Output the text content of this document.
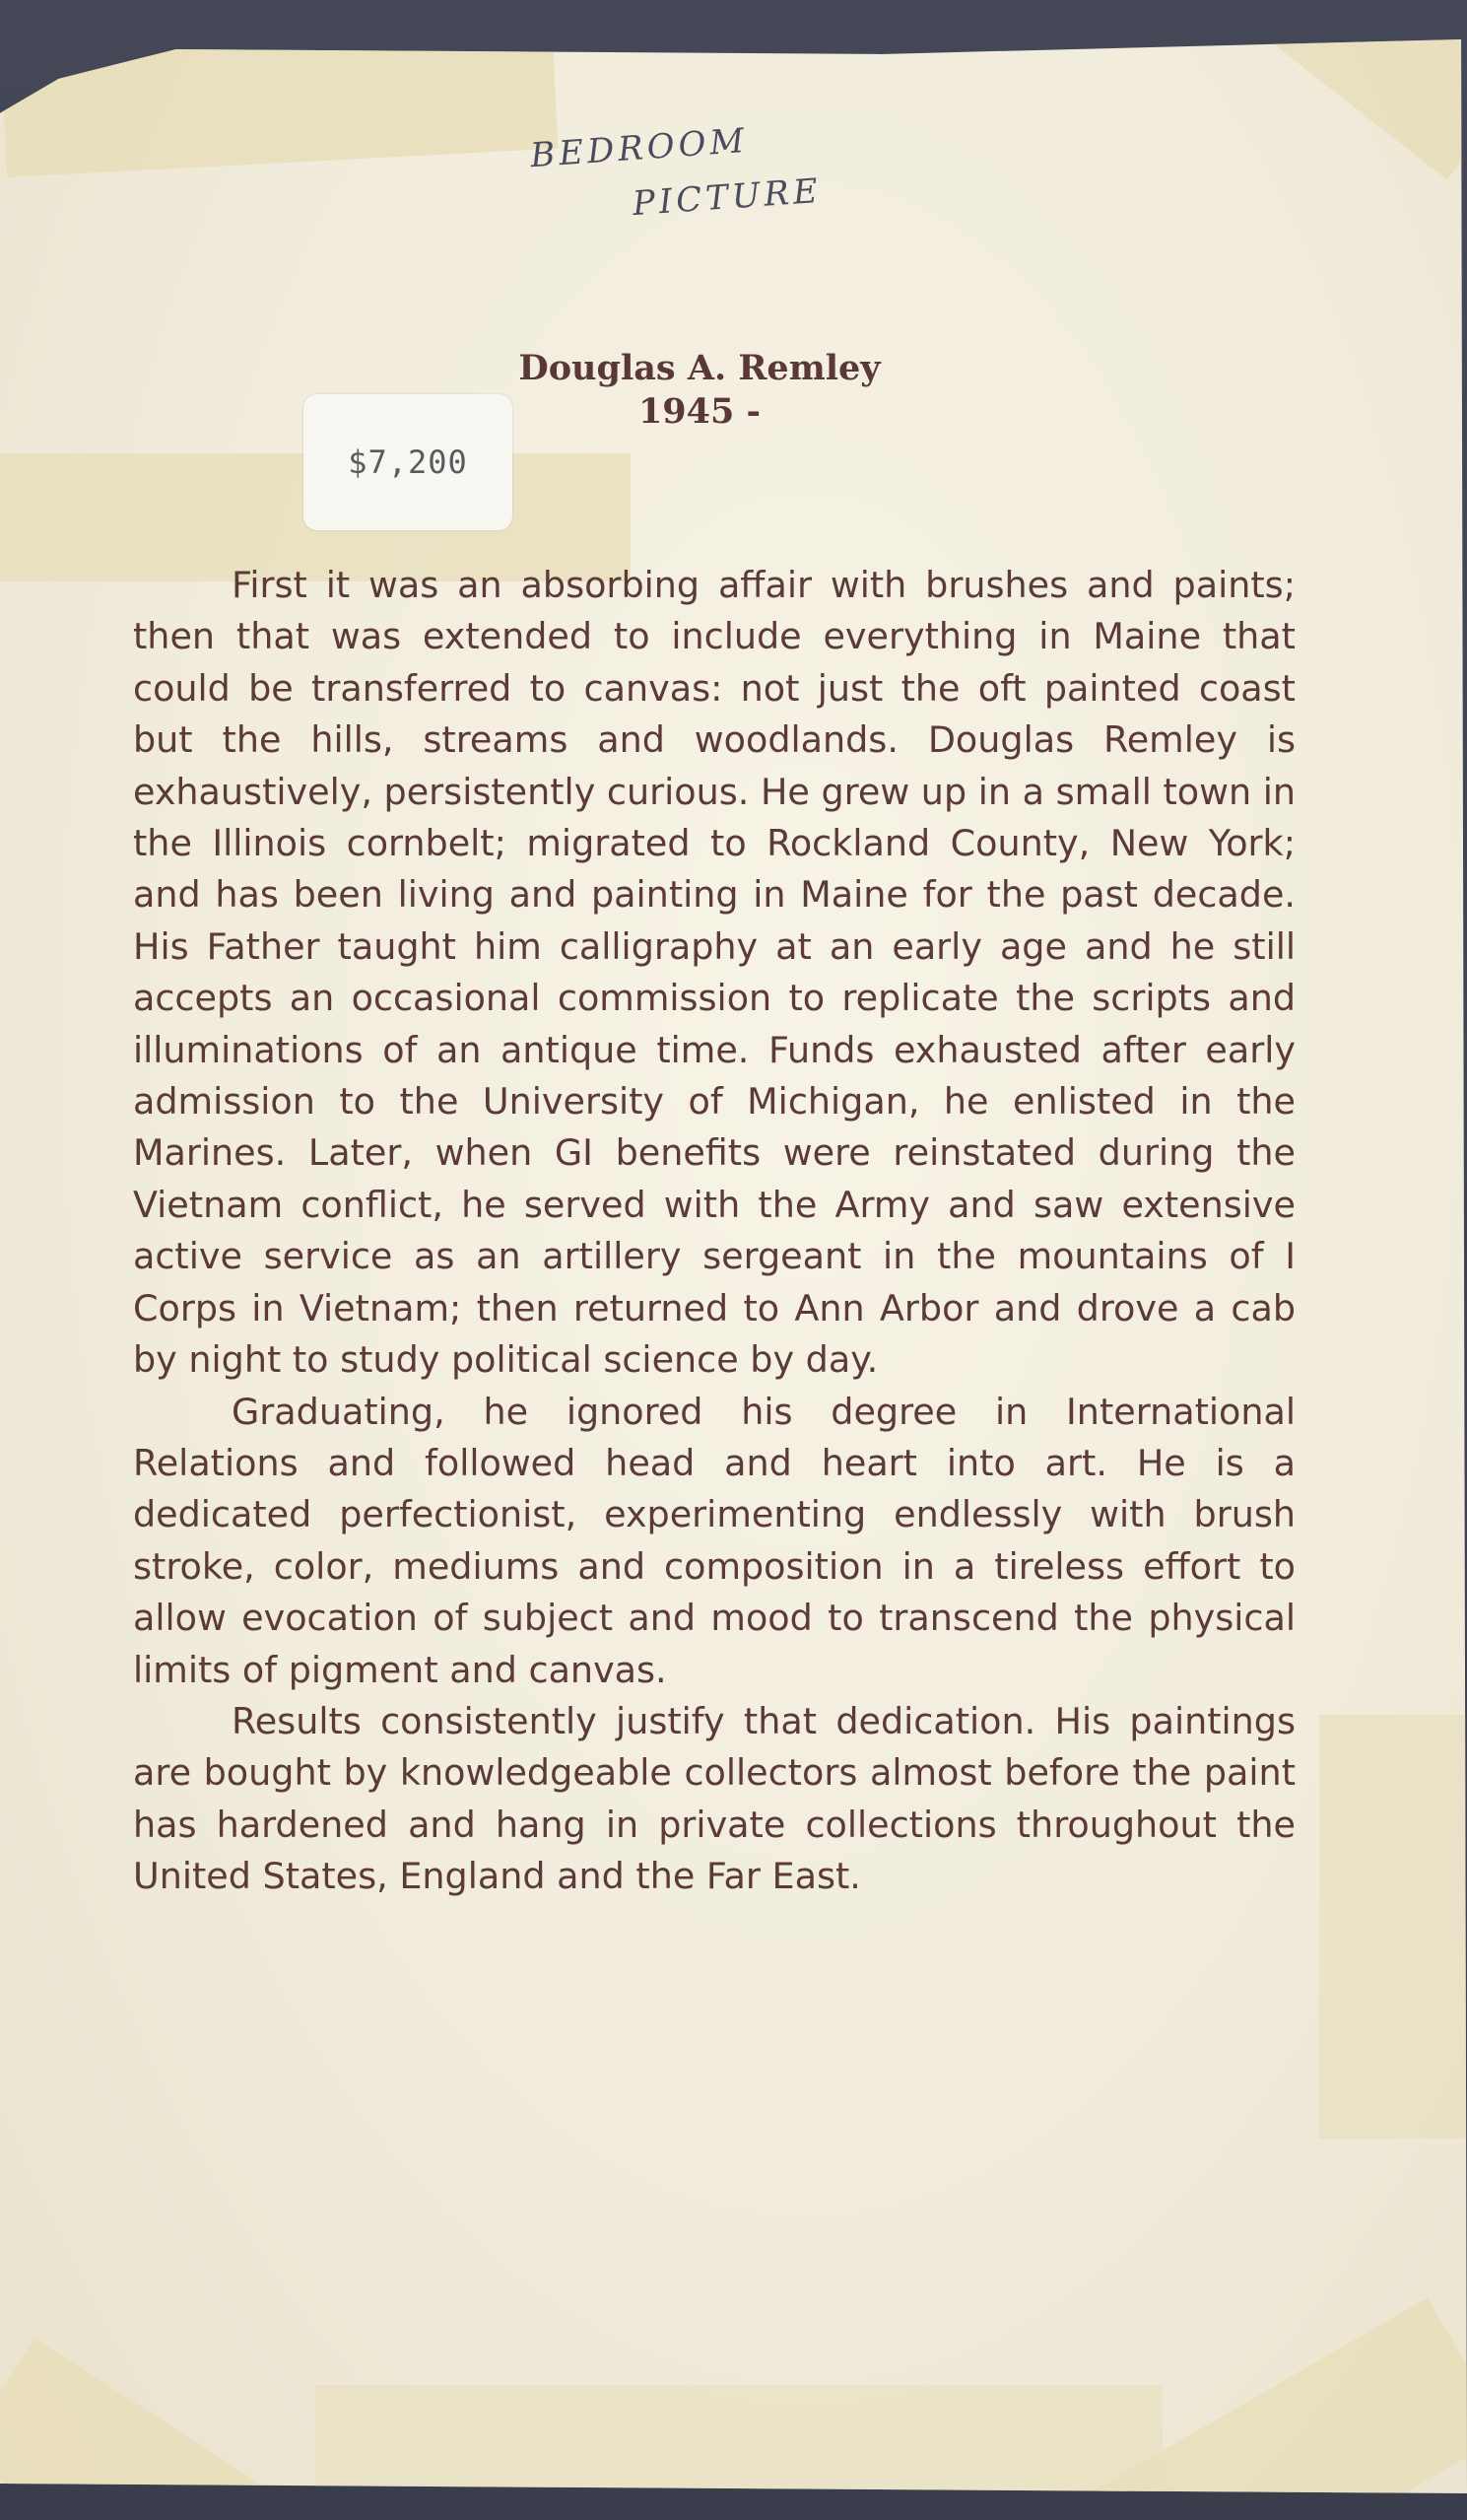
BEDROOM
PICTURE
Douglas A. Remley
1945 -
$7,200

First it was an absorbing affair with brushes and paints; then that was extended to include everything in Maine that could be transferred to canvas: not just the oft painted coast but the hills, streams and woodlands. Douglas Remley is exhaustively, persistently curious. He grew up in a small town in the Illinois cornbelt; migrated to Rockland County, New York; and has been living and painting in Maine for the past decade. His Father taught him calligraphy at an early age and he still accepts an occasional commission to replicate the scripts and illuminations of an antique time. Funds exhausted after early admission to the University of Michigan, he enlisted in the Marines. Later, when GI benefits were reinstated during the Vietnam conflict, he served with the Army and saw extensive active service as an artillery sergeant in the mountains of I Corps in Vietnam; then returned to Ann Arbor and drove a cab by night to study political science by day.

Graduating, he ignored his degree in International Relations and followed head and heart into art. He is a dedicated perfectionist, experimenting endlessly with brush stroke, color, mediums and composition in a tireless effort to allow evocation of subject and mood to transcend the physical limits of pigment and canvas.

Results consistently justify that dedication. His paintings are bought by knowledgeable collectors almost before the paint has hardened and hang in private collections throughout the United States, England and the Far East.
